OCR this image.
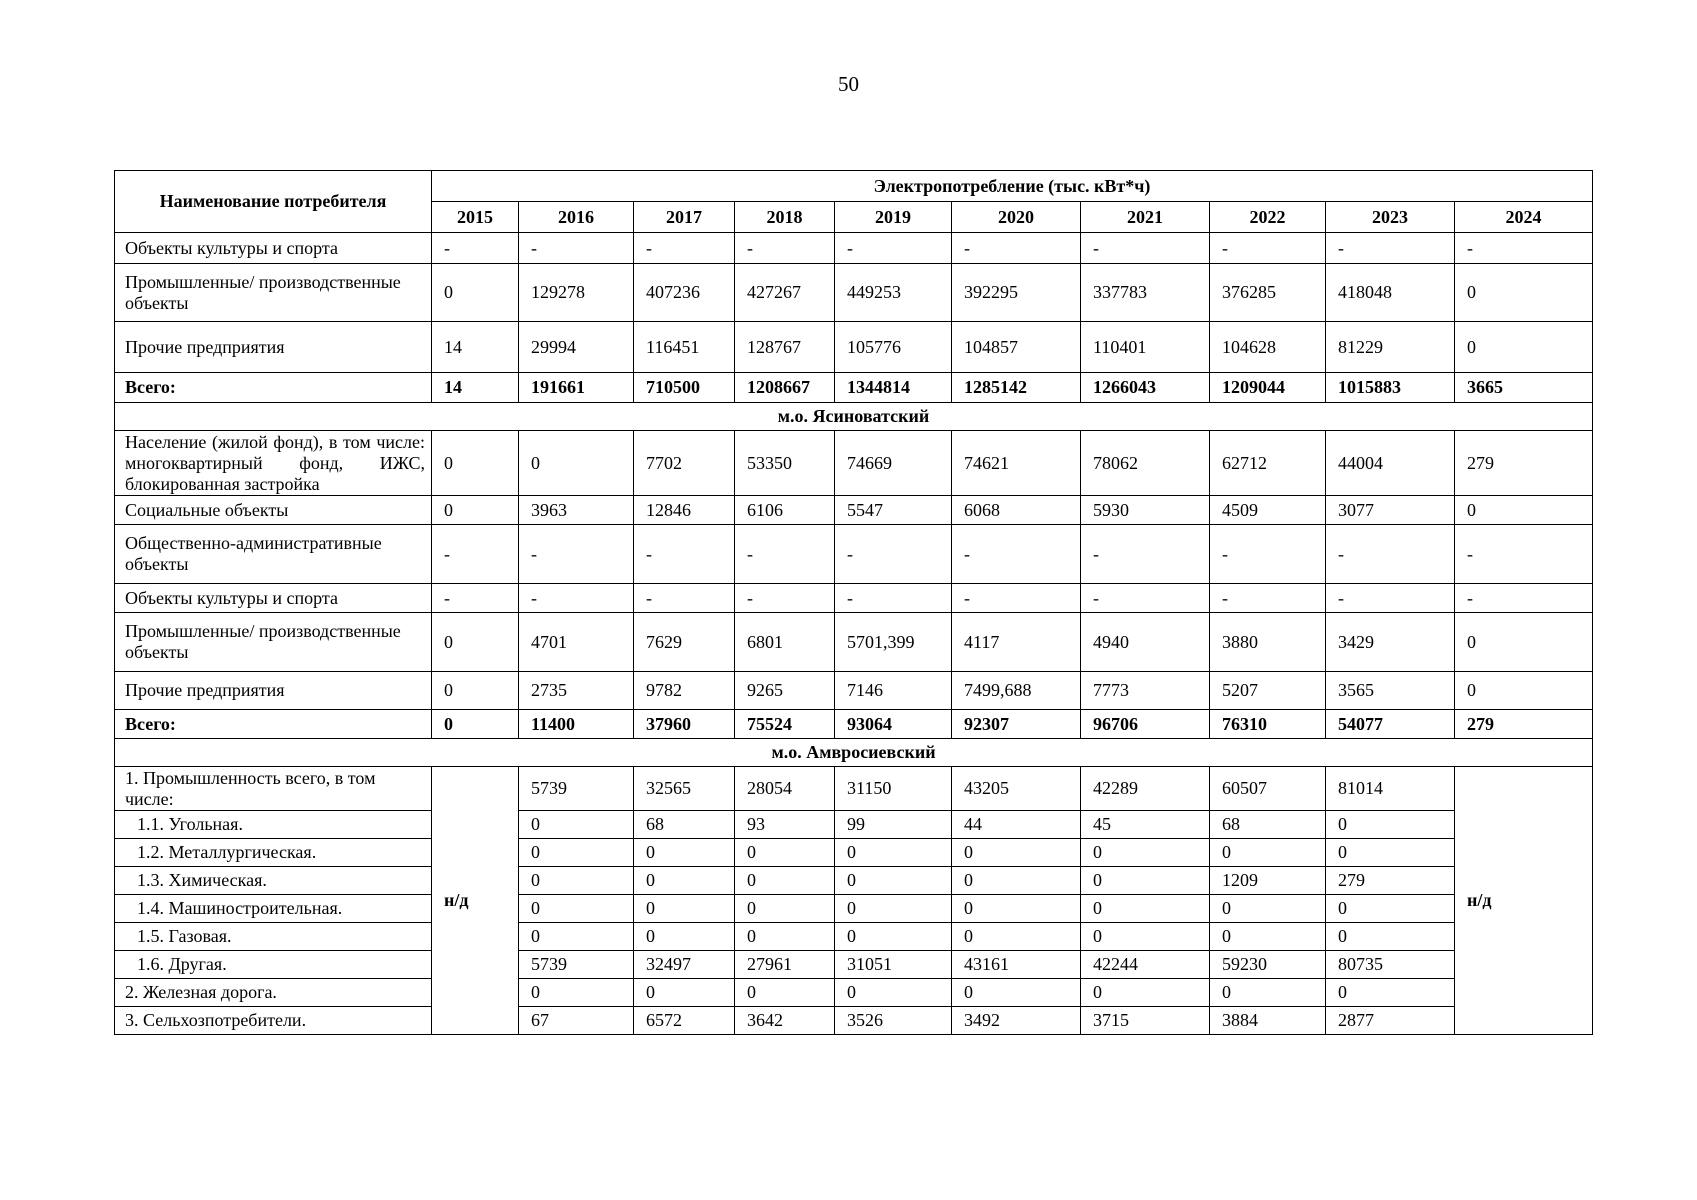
50
Наименование потребителя	Электропотребление (тыс. кВт*ч)									
	2015	2016	2017	2018	2019	2020	2021	2022	2023	2024
Объекты культуры и спорта	-	-	-	-	-	-	-	-	-	-
Промышленные/ производственные объекты	0	129278	407236	427267	449253	392295	337783	376285	418048	0
Прочие предприятия	14	29994	116451	128767	105776	104857	110401	104628	81229	0
Всего:	14	191661	710500	1208667	1344814	1285142	1266043	1209044	1015883	3665
м.о. Ясиноватский										
Население (жилой фонд), в том числе: многоквартирный фонд, ИЖС, блокированная застройка	0	0	7702	53350	74669	74621	78062	62712	44004	279
Социальные объекты	0	3963	12846	6106	5547	6068	5930	4509	3077	0
Общественно-административные объекты	-	-	-	-	-	-	-	-	-	-
Объекты культуры и спорта	-	-	-	-	-	-	-	-	-	-
Промышленные/ производственные объекты	0	4701	7629	6801	5701,399	4117	4940	3880	3429	0
Прочие предприятия	0	2735	9782	9265	7146	7499,688	7773	5207	3565	0
Всего:	0	11400	37960	75524	93064	92307	96706	76310	54077	279
м.о. Амвросиевский										
1. Промышленность всего, в том числе:	н/д	5739	32565	28054	31150	43205	42289	60507	81014	н/д
1.1. Угольная.		0	68	93	99	44	45	68	0	
1.2. Металлургическая.		0	0	0	0	0	0	0	0	
1.3. Химическая.		0	0	0	0	0	0	1209	279	
1.4. Машиностроительная.		0	0	0	0	0	0	0	0	
1.5. Газовая.		0	0	0	0	0	0	0	0	
1.6. Другая.		5739	32497	27961	31051	43161	42244	59230	80735	
2. Железная дорога.		0	0	0	0	0	0	0	0	
3. Сельхозпотребители.		67	6572	3642	3526	3492	3715	3884	2877	
